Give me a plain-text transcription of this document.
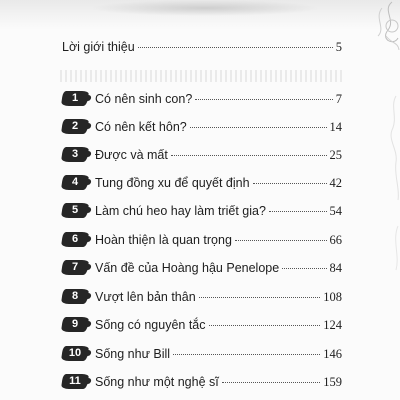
Lời giới thiệu	5
1	Có nên sinh con?	7
2	Có nên kết hôn?	14
3	Được và mất	25
4	Tung đồng xu để quyết định	42
5	Làm chú heo hay làm triết gia?	54
6	Hoàn thiện là quan trọng	66
7	Vấn đề của Hoàng hậu Penelope	84
8	Vượt lên bản thân	108
9	Sống có nguyên tắc	124
10	Sống như Bill	146
11	Sống như một nghệ sĩ	159
